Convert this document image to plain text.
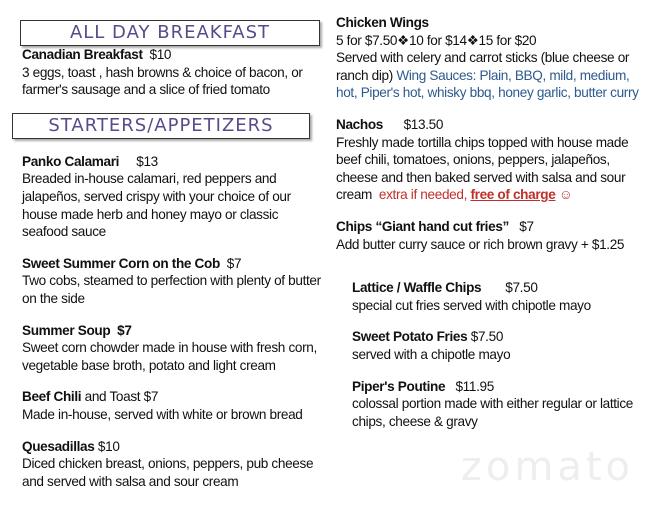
ALL DAY BREAKFAST

Canadian Breakfast $10

3 eggs, toast , hash browns & choice of bacon, or farmer's sausage and a slice of fried tomato

STARTERS/APPETIZERS

Panko Calamari $13

Breaded in-house calamari, red peppers and jalapeños, served crispy with your choice of our house made herb and honey mayo or classic seafood sauce

Sweet Summer Corn on the Cob $7

Two cobs, steamed to perfection with plenty of butter on the side

Summer Soup $7

Sweet corn chowder made in house with fresh corn, vegetable base broth, potato and light cream

Beef Chili and Toast $7

Made in-house, served with white or brown bread

Quesadillas $10

Diced chicken breast, onions, peppers, pub cheese and served with salsa and sour cream

Chicken Wings

5 for $7.50❖10 for $14❖15 for $20

Served with celery and carrot sticks (blue cheese or ranch dip) Wing Sauces: Plain, BBQ, mild, medium, hot, Piper's hot, whisky bbq, honey garlic, butter curry

Nachos $13.50

Freshly made tortilla chips topped with house made beef chili, tomatoes, onions, peppers, jalapeños, cheese and then baked served with salsa and sour cream extra if needed, free of charge ☺

Chips “Giant hand cut fries” $7

Add butter curry sauce or rich brown gravy + $1.25

Lattice / Waffle Chips $7.50

special cut fries served with chipotle mayo

Sweet Potato Fries $7.50

served with a chipotle mayo

Piper's Poutine $11.95

colossal portion made with either regular or lattice chips, cheese & gravy

zomato
